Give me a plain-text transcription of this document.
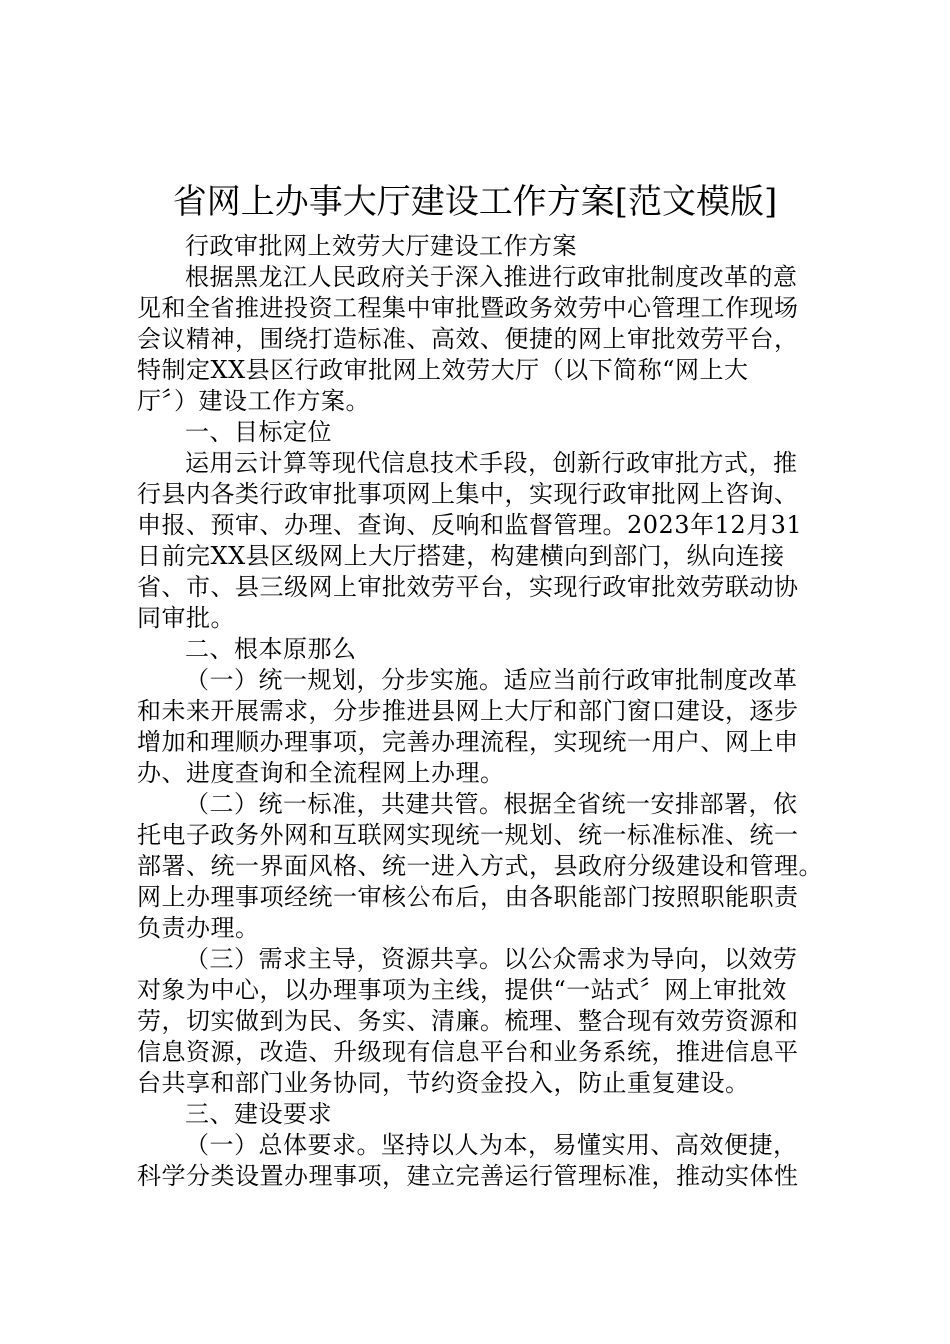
省网上办事大厅建设工作方案[范文模版]
行政审批网上效劳大厅建设工作方案
根据黑龙江人民政府关于深入推进行政审批制度改革的意
见和全省推进投资工程集中审批暨政务效劳中心管理工作现场
会议精神，围绕打造标准、高效、便捷的网上审批效劳平台，
特制定XX县区行政审批网上效劳大厅（以下简称“网上大
厅〞）建设工作方案。
一、目标定位
运用云计算等现代信息技术手段，创新行政审批方式，推
行县内各类行政审批事项网上集中，实现行政审批网上咨询、
申报、预审、办理、查询、反响和监督管理。2023年12月31
日前完XX县区级网上大厅搭建，构建横向到部门，纵向连接
省、市、县三级网上审批效劳平台，实现行政审批效劳联动协
同审批。
二、根本原那么
（一）统一规划，分步实施。适应当前行政审批制度改革
和未来开展需求，分步推进县网上大厅和部门窗口建设，逐步
增加和理顺办理事项，完善办理流程，实现统一用户、网上申
办、进度查询和全流程网上办理。
（二）统一标准，共建共管。根据全省统一安排部署，依
托电子政务外网和互联网实现统一规划、统一标准标准、统一
部署、统一界面风格、统一进入方式，县政府分级建设和管理。
网上办理事项经统一审核公布后，由各职能部门按照职能职责
负责办理。
（三）需求主导，资源共享。以公众需求为导向，以效劳
对象为中心，以办理事项为主线，提供“一站式〞网上审批效
劳，切实做到为民、务实、清廉。梳理、整合现有效劳资源和
信息资源，改造、升级现有信息平台和业务系统，推进信息平
台共享和部门业务协同，节约资金投入，防止重复建设。
三、建设要求
（一）总体要求。坚持以人为本，易懂实用、高效便捷，
科学分类设置办理事项，建立完善运行管理标准，推动实体性
